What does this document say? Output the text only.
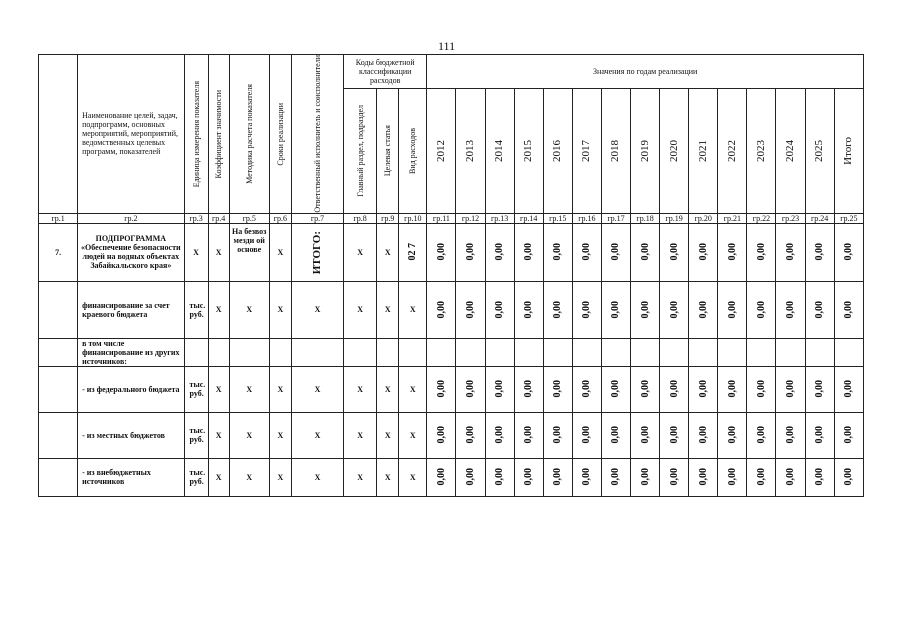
111
	Наименование целей, задач, подпрограмм, основных мероприятий, мероприятий, ведомственных целевых программ, показателей	Единица измерения показателя	Коэффициент значимости	Методика расчета показателя	Сроки реализации	Ответственный исполнитель и соисполнители	Коды бюджетной классификации расходов			Значения по годам реализации														

							Главный раздел, подраздел	Целевая статья	Вид расходов	2012	2013	2014	2015	2016	2017	2018	2019	2020	2021	2022	2023	2024	2025	Итого

гр.1	гр.2	гр.3	гр.4	гр.5	гр.6	гр.7	гр.8	гр.9	гр.10	гр.11	гр.12	гр.13	гр.14	гр.15	гр.16	гр.17	гр.18	гр.19	гр.20	гр.21	гр.22	гр.23	гр.24	гр.25
7.	ПОДПРОГРАММА «Обеспечение безопасности людей на водных объектах Забайкальского края»	Х	Х	На безвоз мезди ой основе	Х	ИТОГО:	Х	Х	02 7	0,00	0,00	0,00	0,00	0,00	0,00	0,00	0,00	0,00	0,00	0,00	0,00	0,00	0,00	0,00

	финансирование за счет краевого бюджета	тыс. руб.	Х	Х	Х	Х	Х	Х	Х	0,00	0,00	0,00	0,00	0,00	0,00	0,00	0,00	0,00	0,00	0,00	0,00	0,00	0,00	0,00

	в том числе финансирование из других источников:																							
	- из федерального бюджета	тыс. руб.	Х	Х	Х	Х	Х	Х	Х	0,00	0,00	0,00	0,00	0,00	0,00	0,00	0,00	0,00	0,00	0,00	0,00	0,00	0,00	0,00

	- из местных бюджетов	тыс. руб.	Х	Х	Х	Х	Х	Х	Х	0,00	0,00	0,00	0,00	0,00	0,00	0,00	0,00	0,00	0,00	0,00	0,00	0,00	0,00	0,00

	- из внебюджетных источников	тыс. руб.	Х	Х	Х	Х	Х	Х	Х	0,00	0,00	0,00	0,00	0,00	0,00	0,00	0,00	0,00	0,00	0,00	0,00	0,00	0,00	0,00
